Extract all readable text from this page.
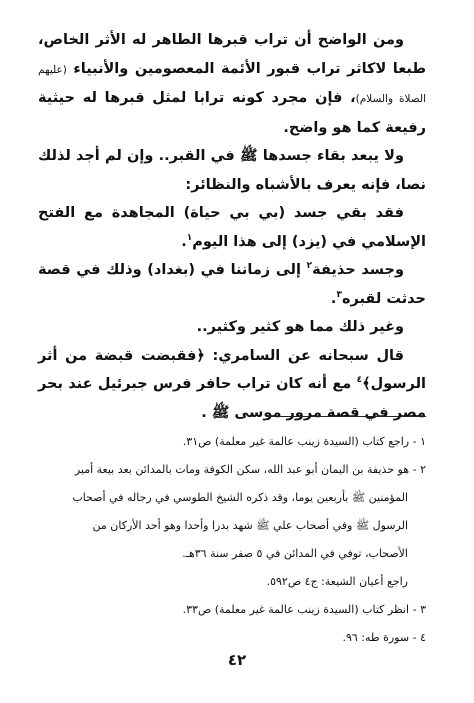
ومن الواضح أن تراب قبرها الطاهر له الأثر الخاص، طبعا لاكاثر تراب قبور الأئمة المعصومين والأنبياء (عليهم الصلاة والسلام)، فإن مجرد كونه ترابا لمثل قبرها له حيثية رفيعة كما هو واضح.

ولا يبعد بقاء جسدها ﷺ في القبر.. وإن لم أجد لذلك نصا، فإنه يعرف بالأشباه والنظائر:

فقد بقي جسد (بي بي حياة) المجاهدة مع الفتح الإسلامي في (يزد) إلى هذا اليوم$^١$.

وجسد حذيفة$^٢$ إلى زماننا في (بغداد) وذلك في قصة حدثت لقبره$^٣$.

وغير ذلك مما هو كثير وكثير..

قال سبحانه عن السامري: ﴿فقبضت قبضة من أثر الرسول﴾$^٤$ مع أنه كان تراب حافر فرس جبرئيل عند بحر مصر في قصة مرور موسى ﷺ .

١ - راجع كتاب (السيدة زينب عالمة غير معلمة) ص٣١.

٢ - هو حذيفة بن اليمان أبو عبد الله، سكن الكوفة ومات بالمدائن بعد بيعة أمير

المؤمنين ﷺ بأربعين يوما، وقد ذكره الشيخ الطوسي في رجاله في أصحاب

الرسول ﷺ وفي أصحاب علي ﷺ شهد بدرا وأحدا وهو أحد الأركان من

الأصحاب، توفي في المدائن في ٥ صفر سنة ٣٦هـ.

راجع أعيان الشيعة: ج٤ ص٥٩٢.

٣ - انظر كتاب (السيدة زينب عالمة غير معلمة) ص٣٣.

٤ - سورة طه: ٩٦.

٤٢
